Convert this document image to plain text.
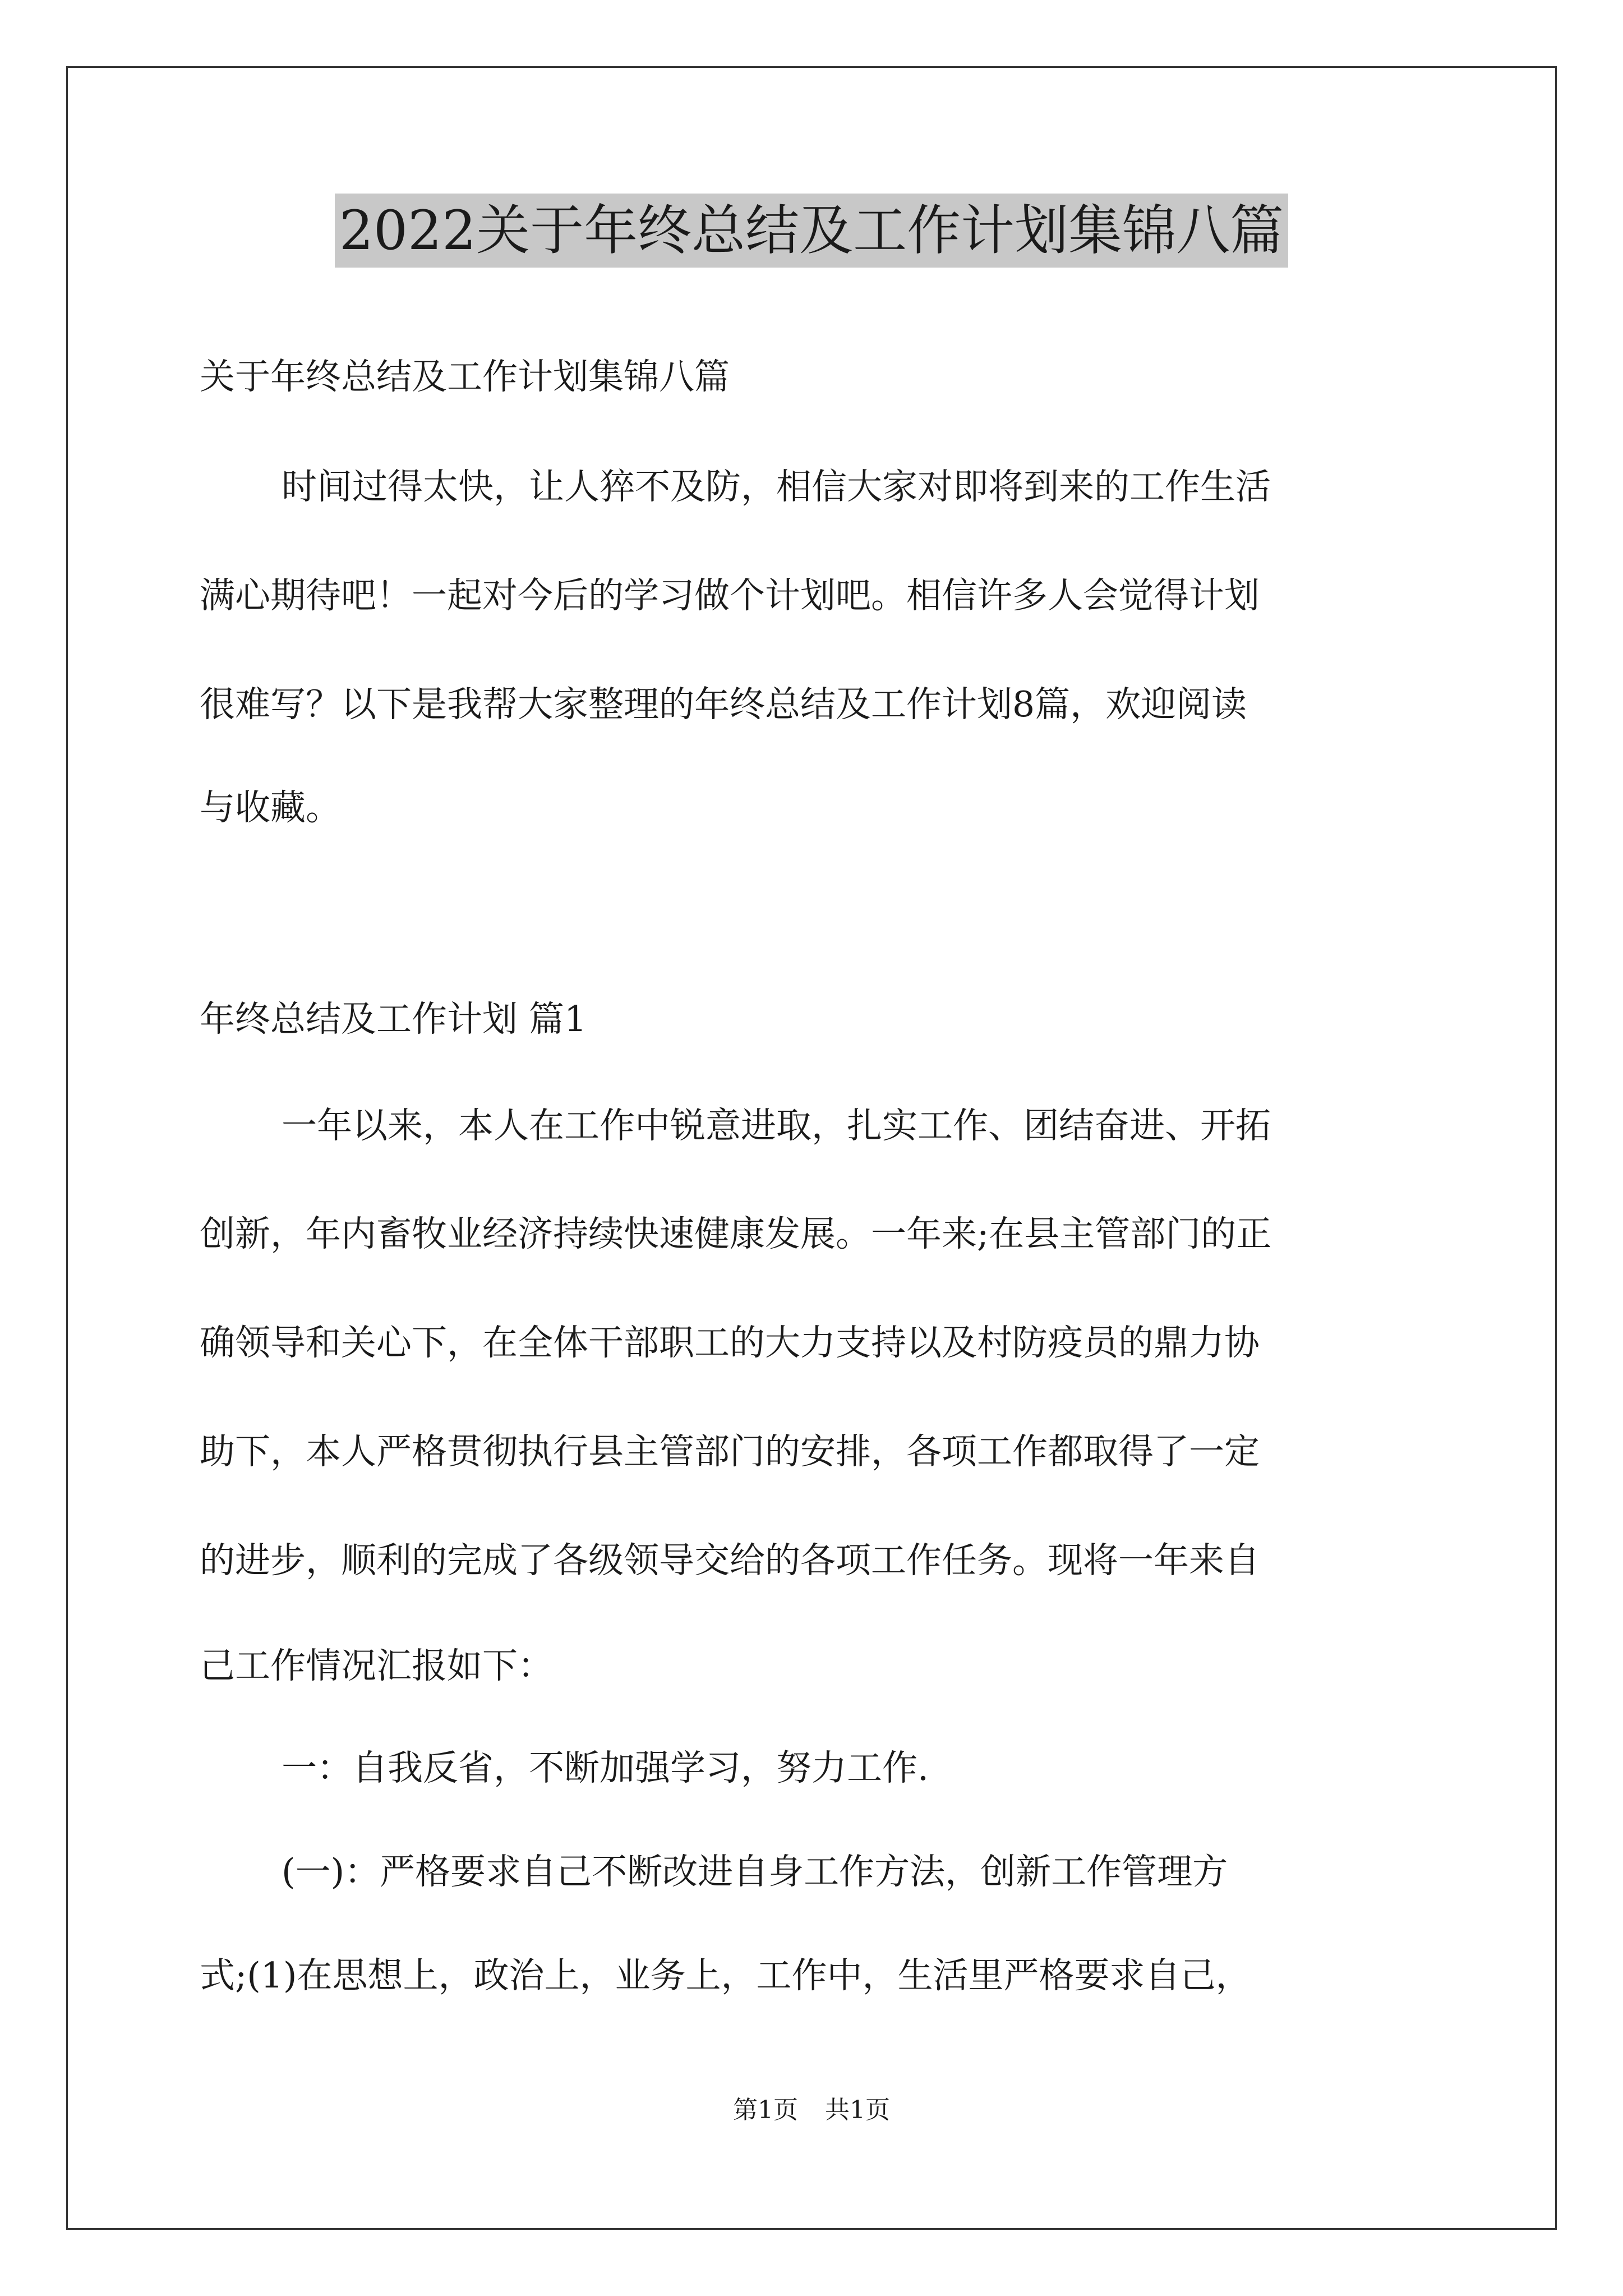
2022关于年终总结及工作计划集锦八篇

关于年终总结及工作计划集锦八篇

时间过得太快，让人猝不及防，相信大家对即将到来的工作生活

满心期待吧！一起对今后的学习做个计划吧。相信许多人会觉得计划

很难写？以下是我帮大家整理的年终总结及工作计划8篇，欢迎阅读

与收藏。

年终总结及工作计划 篇1

一年以来，本人在工作中锐意进取，扎实工作、团结奋进、开拓

创新，年内畜牧业经济持续快速健康发展。一年来;在县主管部门的正

确领导和关心下，在全体干部职工的大力支持以及村防疫员的鼎力协

助下，本人严格贯彻执行县主管部门的安排，各项工作都取得了一定

的进步，顺利的完成了各级领导交给的各项工作任务。现将一年来自

己工作情况汇报如下：

一：自我反省，不断加强学习，努力工作.

(一)：严格要求自己不断改进自身工作方法，创新工作管理方

式;(1)在思想上，政治上，业务上，工作中，生活里严格要求自己，

第1页 共1页
